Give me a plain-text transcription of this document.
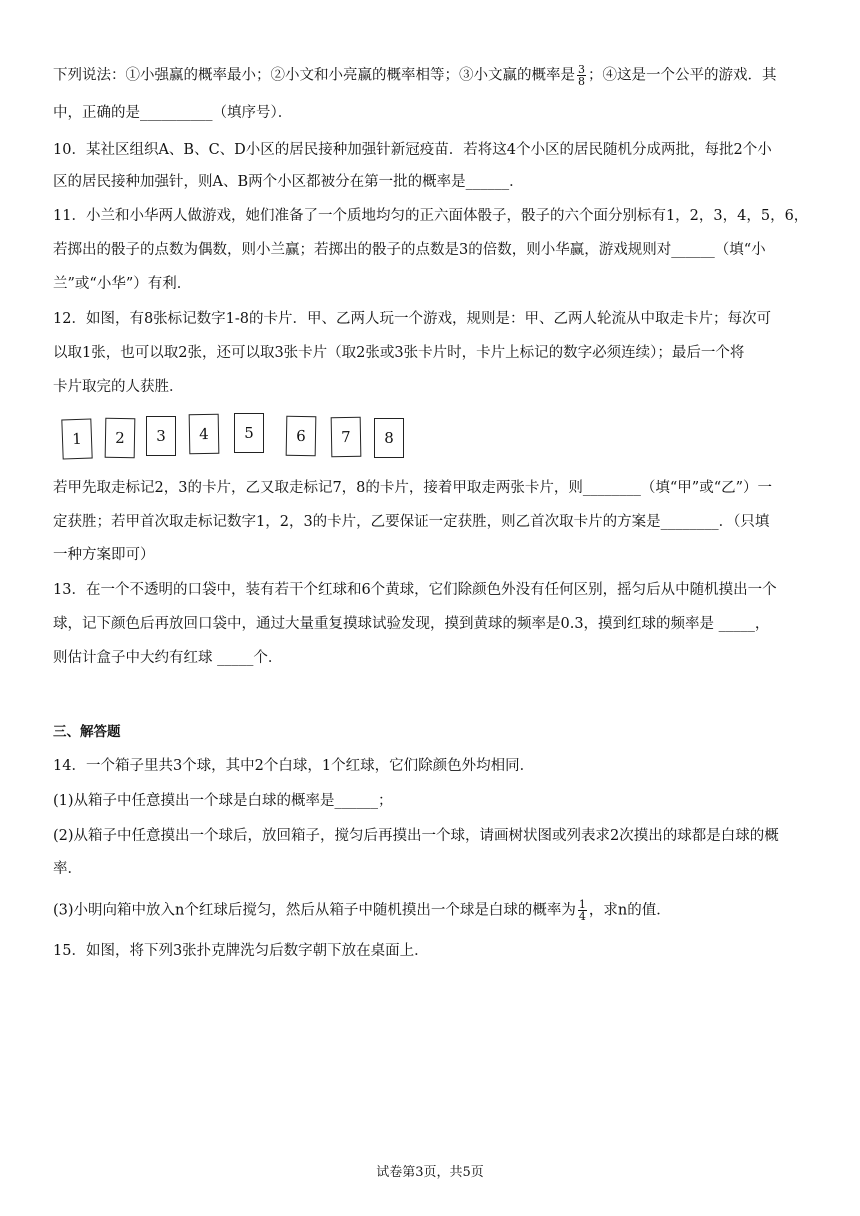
下列说法：①小强赢的概率最小；②小文和小亮赢的概率相等；③小文赢的概率是 $\frac{3}{8}$ ；④这是一个公平的游戏．其
中，正确的是__________（填序号）．
10．某社区组织A、B、C、D小区的居民接种加强针新冠疫苗．若将这4个小区的居民随机分成两批，每批2个小
区的居民接种加强针，则A、B两个小区都被分在第一批的概率是______．
11．小兰和小华两人做游戏，她们准备了一个质地均匀的正六面体骰子，骰子的六个面分别标有1，2，3，4，5，6，
若掷出的骰子的点数为偶数，则小兰赢；若掷出的骰子的点数是3的倍数，则小华赢，游戏规则对______（填“小
兰”或“小华”）有利．
12．如图，有8张标记数字1-8的卡片．甲、乙两人玩一个游戏，规则是：甲、乙两人轮流从中取走卡片；每次可
以取1张，也可以取2张，还可以取3张卡片（取2张或3张卡片时，卡片上标记的数字必须连续）；最后一个将
卡片取完的人获胜．
1	2	3	4	5	6	7	8
若甲先取走标记2，3的卡片，乙又取走标记7，8的卡片，接着甲取走两张卡片，则________（填“甲”或“乙”）一
定获胜；若甲首次取走标记数字1，2，3的卡片，乙要保证一定获胜，则乙首次取卡片的方案是________．（只填
一种方案即可）
13．在一个不透明的口袋中，装有若干个红球和6个黄球，它们除颜色外没有任何区别，摇匀后从中随机摸出一个
球，记下颜色后再放回口袋中，通过大量重复摸球试验发现，摸到黄球的频率是0.3，摸到红球的频率是 _____，
则估计盒子中大约有红球 _____个．
三、解答题
14．一个箱子里共3个球，其中2个白球，1个红球，它们除颜色外均相同．
(1)从箱子中任意摸出一个球是白球的概率是______；
(2)从箱子中任意摸出一个球后，放回箱子，搅匀后再摸出一个球，请画树状图或列表求2次摸出的球都是白球的概
率．
(3)小明向箱中放入n个红球后搅匀，然后从箱子中随机摸出一个球是白球的概率为 $\frac{1}{4}$ ，求n的值．
15．如图，将下列3张扑克牌洗匀后数字朝下放在桌面上．
试卷第3页，共5页
